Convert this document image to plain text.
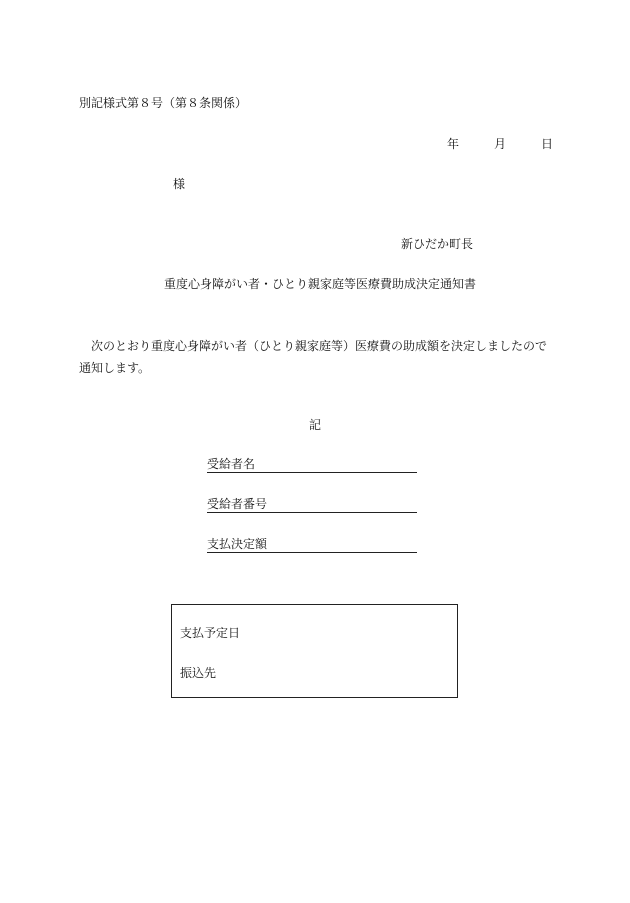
別記様式第８号（第８条関係）
年	月	日
様
新ひだか町長
重度心身障がい者・ひとり親家庭等医療費助成決定通知書
次のとおり重度心身障がい者（ひとり親家庭等）医療費の助成額を決定しましたので通知します。
記
受給者名
受給者番号
支払決定額
支払予定日
振込先
